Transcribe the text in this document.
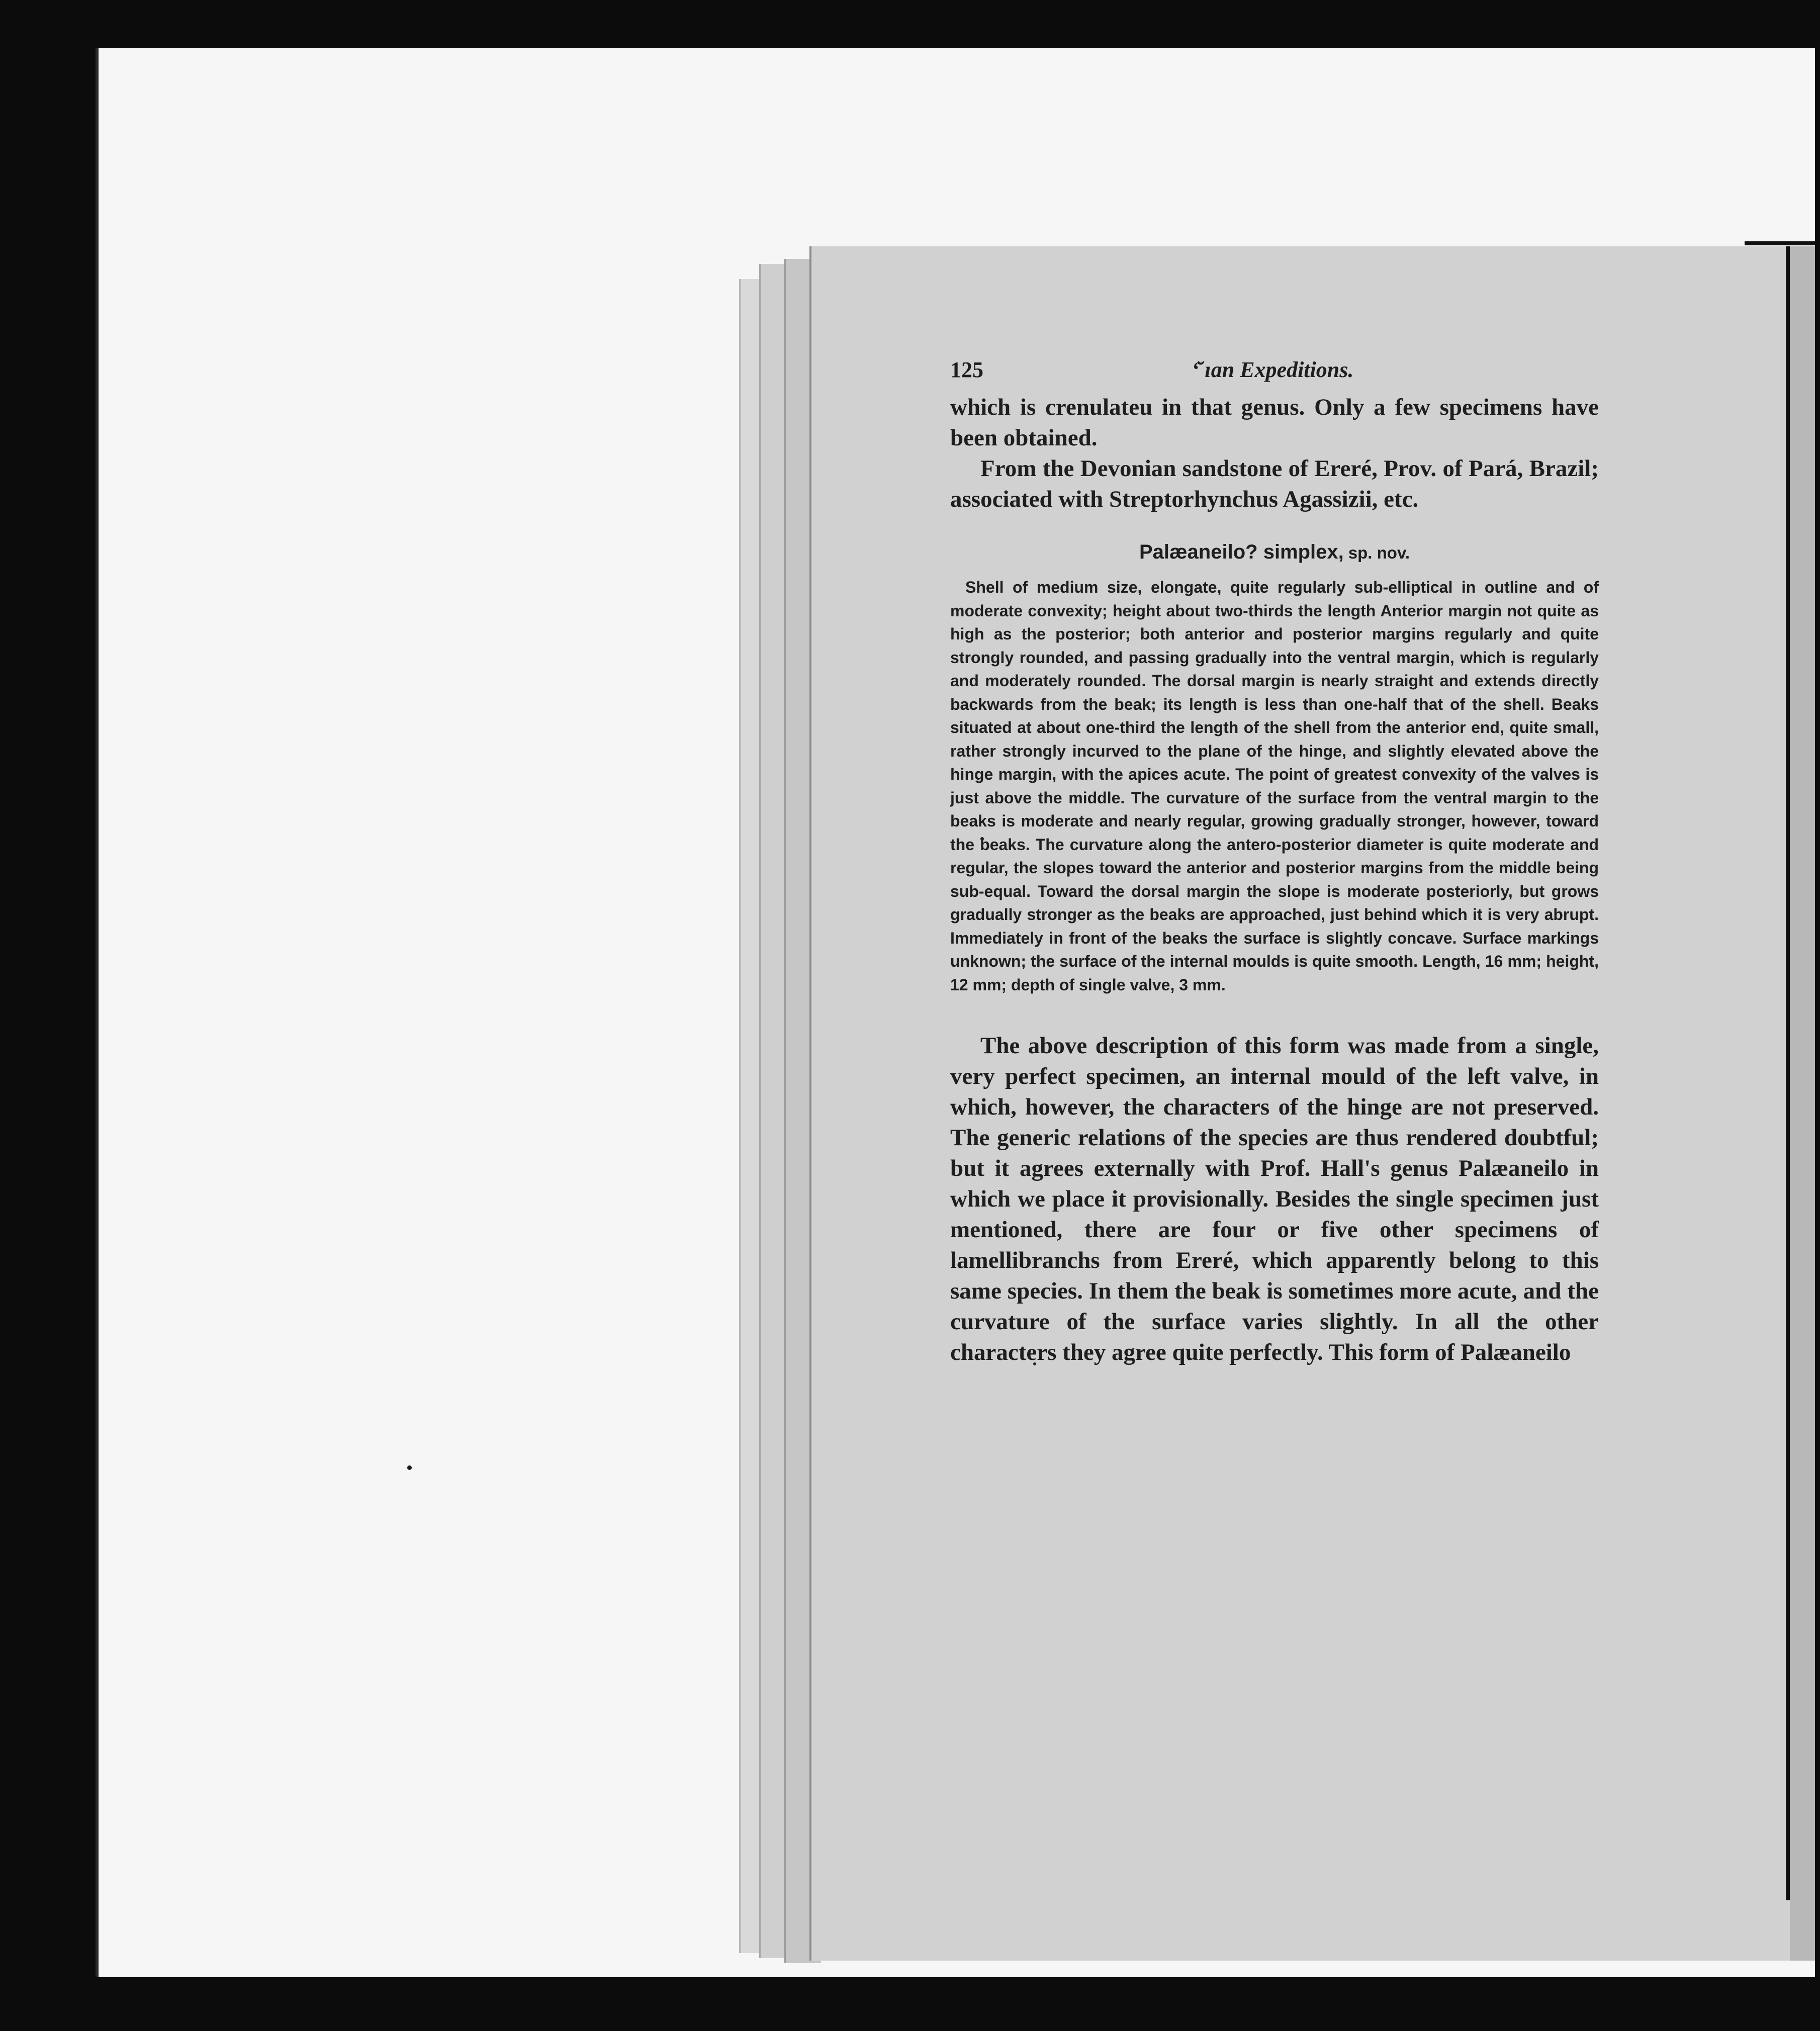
125	ʻ̆ ɪan Expeditions.

which is crenulateu in that genus. Only a few specimens have been obtained.

From the Devonian sandstone of Ereré, Prov. of Pará, Brazil; associated with Streptorhynchus Agassizii, etc.

Palæaneilo? simplex, sp. nov.

Shell of medium size, elongate, quite regularly sub-elliptical in outline and of moderate convexity; height about two-thirds the length Anterior margin not quite as high as the posterior; both anterior and posterior margins regularly and quite strongly rounded, and passing gradually into the ventral margin, which is regularly and moderately rounded. The dorsal margin is nearly straight and extends directly backwards from the beak; its length is less than one-half that of the shell. Beaks situated at about one-third the length of the shell from the anterior end, quite small, rather strongly incurved to the plane of the hinge, and slightly elevated above the hinge margin, with the apices acute. The point of greatest convexity of the valves is just above the middle. The curvature of the surface from the ventral margin to the beaks is moderate and nearly regular, growing gradually stronger, however, toward the beaks. The curvature along the antero-posterior diameter is quite moderate and regular, the slopes toward the anterior and posterior margins from the middle being sub-equal. Toward the dorsal margin the slope is moderate posteriorly, but grows gradually stronger as the beaks are approached, just behind which it is very abrupt. Immediately in front of the beaks the surface is slightly concave. Surface markings unknown; the surface of the internal moulds is quite smooth. Length, 16 mm; height, 12 mm; depth of single valve, 3 mm.

The above description of this form was made from a single, very perfect specimen, an internal mould of the left valve, in which, however, the characters of the hinge are not preserved. The generic relations of the species are thus rendered doubtful; but it agrees externally with Prof. Hall's genus Palæaneilo in which we place it provisionally. Besides the single specimen just mentioned, there are four or five other specimens of lamellibranchs from Ereré, which apparently belong to this same species. In them the beak is sometimes more acute, and the curvature of the surface varies slightly. In all the other characters they agree quite perfectly. This form of Palæaneilo
